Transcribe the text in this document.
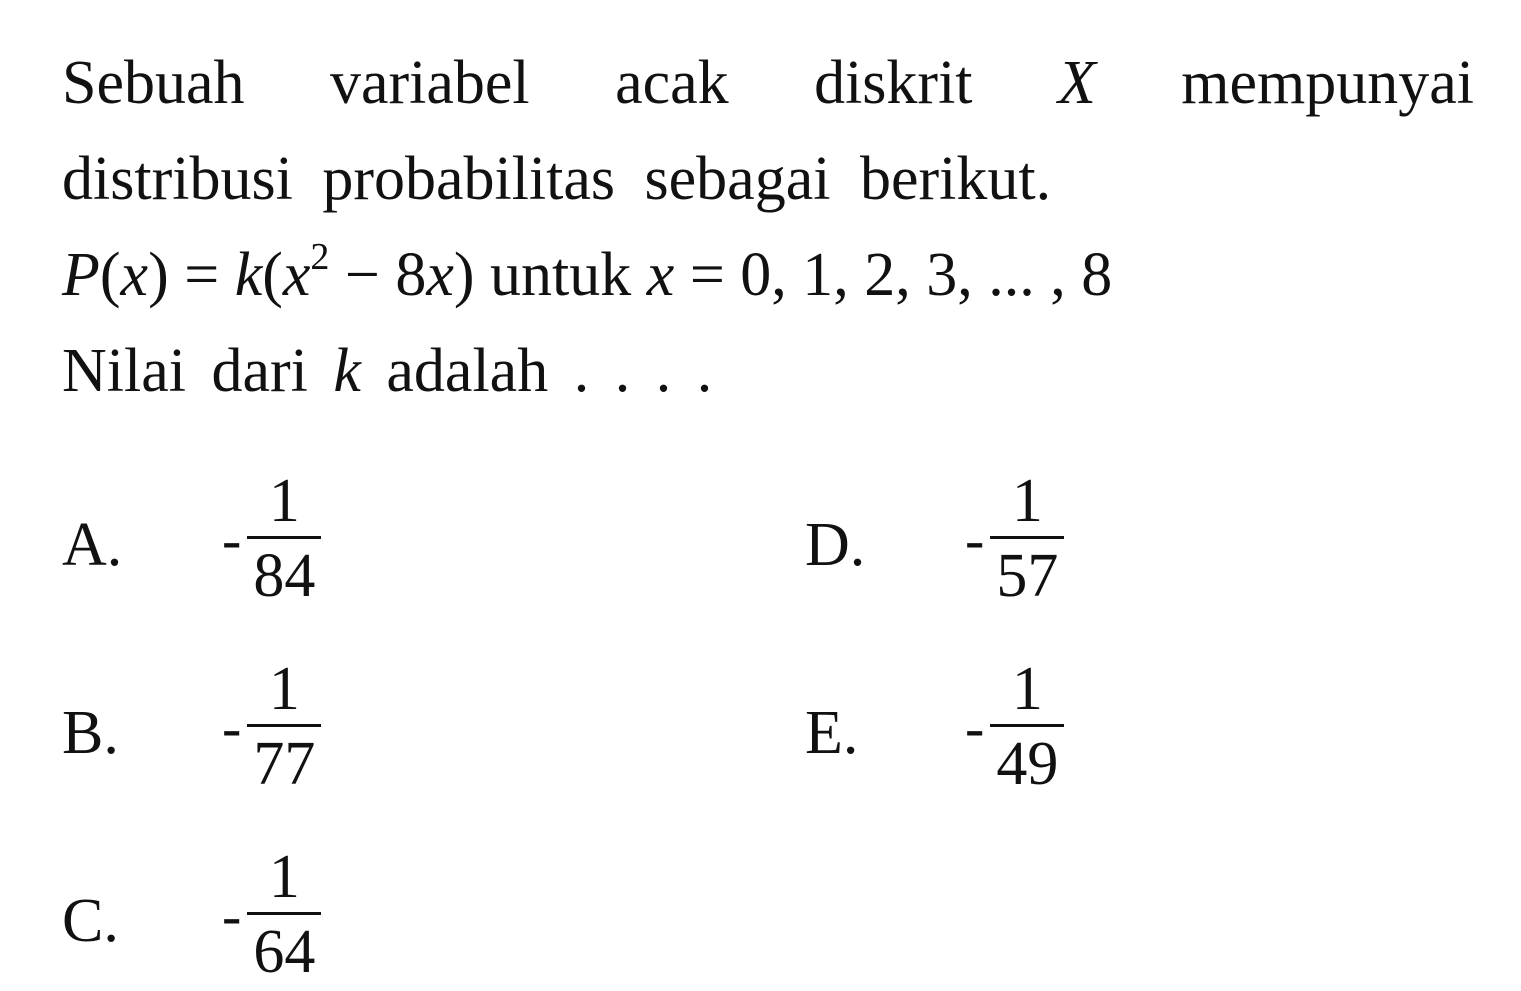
Sebuah variabel acak diskrit X mempunyai
distribusi probabilitas sebagai berikut.
$P(x) = k(x^2 - 8x)$ untuk x = 0, 1, 2, 3, ... , 8
Nilai dari k adalah . . . .
A. - $\frac{1}{84}$
B. - $\frac{1}{77}$
C. - $\frac{1}{64}$
D. - $\frac{1}{57}$
E. - $\frac{1}{49}$
